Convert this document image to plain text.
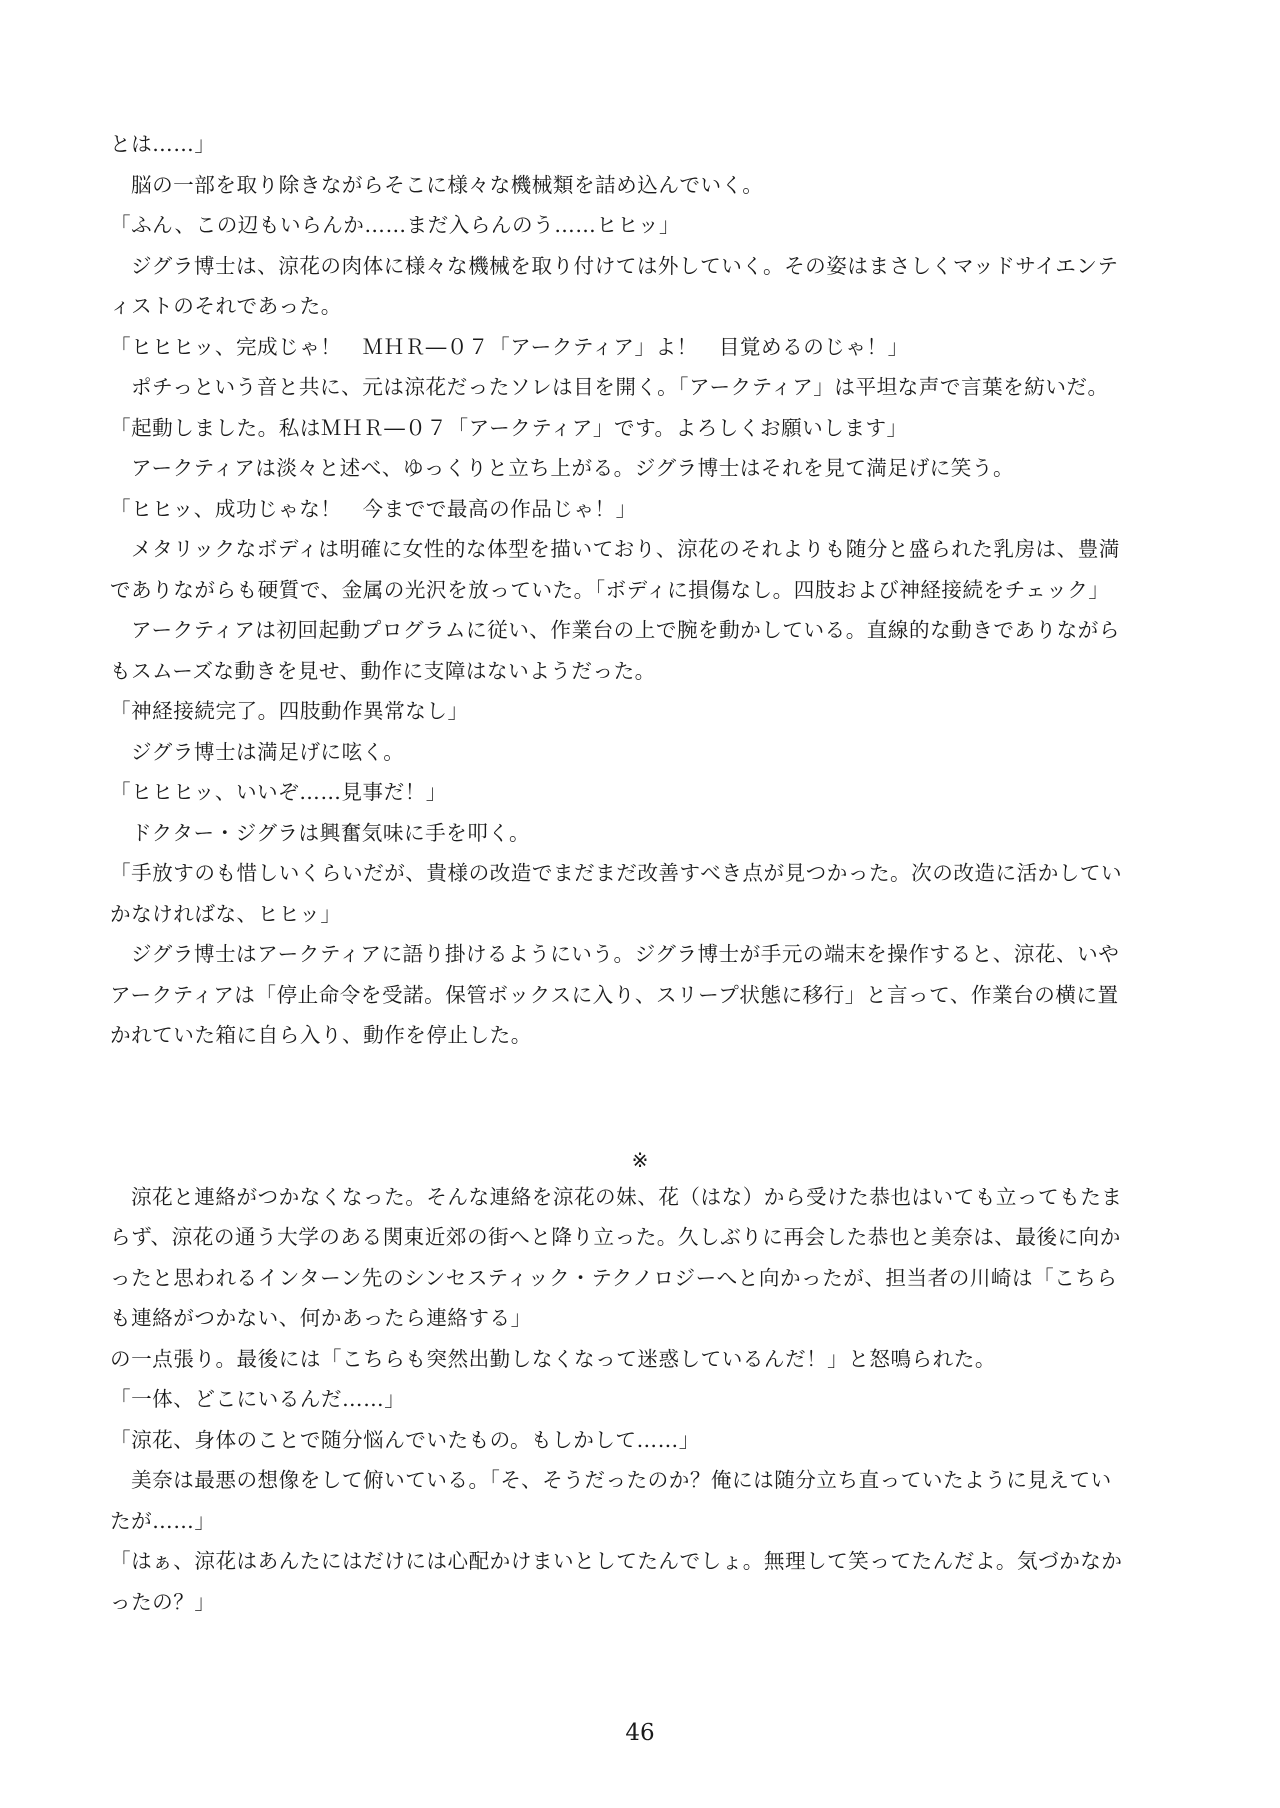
とは……」
脳の一部を取り除きながらそこに様々な機械類を詰め込んでいく。
「ふん、この辺もいらんか……まだ入らんのう……ヒヒッ」
ジグラ博士は、涼花の肉体に様々な機械を取り付けては外していく。その姿はまさしくマッドサイエンテ
ィストのそれであった。
「ヒヒヒッ、完成じゃ！　ＭＨＲ―０７「アークティア」よ！　目覚めるのじゃ！」
ポチっという音と共に、元は涼花だったソレは目を開く。「アークティア」は平坦な声で言葉を紡いだ。
「起動しました。私はＭＨＲ―０７「アークティア」です。よろしくお願いします」
アークティアは淡々と述べ、ゆっくりと立ち上がる。ジグラ博士はそれを見て満足げに笑う。
「ヒヒッ、成功じゃな！　今までで最高の作品じゃ！」
メタリックなボディは明確に女性的な体型を描いており、涼花のそれよりも随分と盛られた乳房は、豊満
でありながらも硬質で、金属の光沢を放っていた。「ボディに損傷なし。四肢および神経接続をチェック」
アークティアは初回起動プログラムに従い、作業台の上で腕を動かしている。直線的な動きでありながら
もスムーズな動きを見せ、動作に支障はないようだった。
「神経接続完了。四肢動作異常なし」
ジグラ博士は満足げに呟く。
「ヒヒヒッ、いいぞ……見事だ！」
ドクター・ジグラは興奮気味に手を叩く。
「手放すのも惜しいくらいだが、貴様の改造でまだまだ改善すべき点が見つかった。次の改造に活かしてい
かなければな、ヒヒッ」
ジグラ博士はアークティアに語り掛けるようにいう。ジグラ博士が手元の端末を操作すると、涼花、いや
アークティアは「停止命令を受諾。保管ボックスに入り、スリープ状態に移行」と言って、作業台の横に置
かれていた箱に自ら入り、動作を停止した。
涼花と連絡がつかなくなった。そんな連絡を涼花の妹、花（はな）から受けた恭也はいても立ってもたま
らず、涼花の通う大学のある関東近郊の街へと降り立った。久しぶりに再会した恭也と美奈は、最後に向か
ったと思われるインターン先のシンセスティック・テクノロジーへと向かったが、担当者の川崎は「こちら
も連絡がつかない、何かあったら連絡する」
の一点張り。最後には「こちらも突然出勤しなくなって迷惑しているんだ！」と怒鳴られた。
「一体、どこにいるんだ……」
「涼花、身体のことで随分悩んでいたもの。もしかして……」
美奈は最悪の想像をして俯いている。「そ、そうだったのか？俺には随分立ち直っていたように見えてい
たが……」
「はぁ、涼花はあんたにはだけには心配かけまいとしてたんでしょ。無理して笑ってたんだよ。気づかなか
ったの？」
※
46
